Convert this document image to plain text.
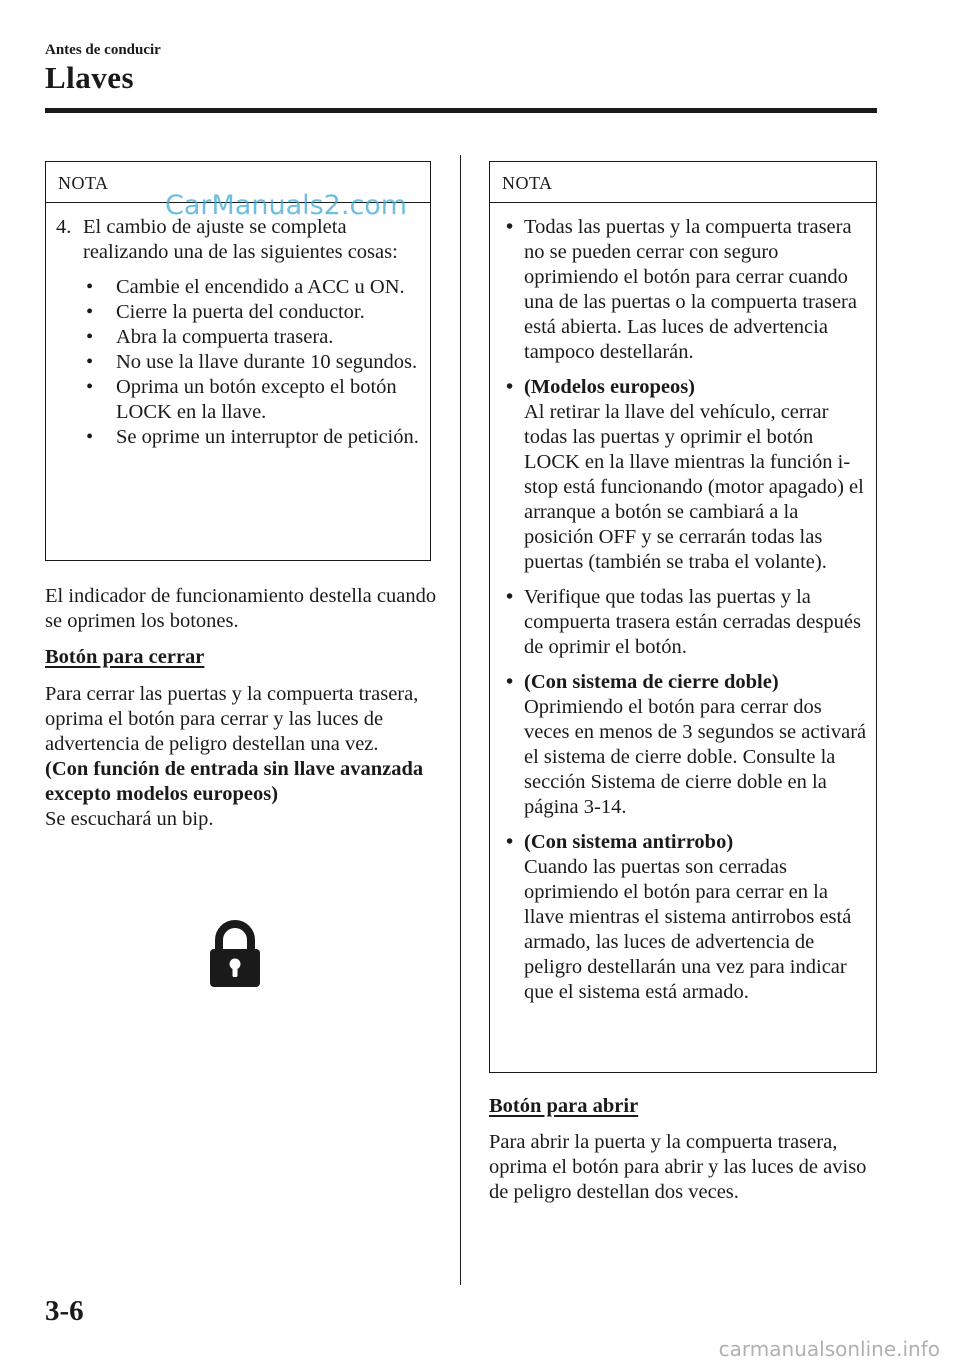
Antes de conducir
Llaves
NOTA
4. El cambio de ajuste se completa realizando una de las siguientes cosas:
•	Cambie el encendido a ACC u ON.
•	Cierre la puerta del conductor.
•	Abra la compuerta trasera.
•	No use la llave durante 10 segundos.
•	Oprima un botón excepto el botón LOCK en la llave.
•	Se oprime un interruptor de petición.
CarManuals2.com
El indicador de funcionamiento destella cuando se oprimen los botones.
Botón para cerrar
Para cerrar las puertas y la compuerta trasera, oprima el botón para cerrar y las luces de advertencia de peligro destellan una vez.
(Con función de entrada sin llave avanzada excepto modelos europeos)
Se escuchará un bip.
NOTA
• Todas las puertas y la compuerta trasera no se pueden cerrar con seguro oprimiendo el botón para cerrar cuando una de las puertas o la compuerta trasera está abierta. Las luces de advertencia tampoco destellarán.
• (Modelos europeos)
Al retirar la llave del vehículo, cerrar todas las puertas y oprimir el botón LOCK en la llave mientras la función i-stop está funcionando (motor apagado) el arranque a botón se cambiará a la posición OFF y se cerrarán todas las puertas (también se traba el volante).
• Verifique que todas las puertas y la compuerta trasera están cerradas después de oprimir el botón.
• (Con sistema de cierre doble)
Oprimiendo el botón para cerrar dos veces en menos de 3 segundos se activará el sistema de cierre doble. Consulte la sección Sistema de cierre doble en la página 3-14.
• (Con sistema antirrobo)
Cuando las puertas son cerradas oprimiendo el botón para cerrar en la llave mientras el sistema antirrobos está armado, las luces de advertencia de peligro destellarán una vez para indicar que el sistema está armado.
Botón para abrir
Para abrir la puerta y la compuerta trasera, oprima el botón para abrir y las luces de aviso de peligro destellan dos veces.
3-6
carmanualsonline.info
